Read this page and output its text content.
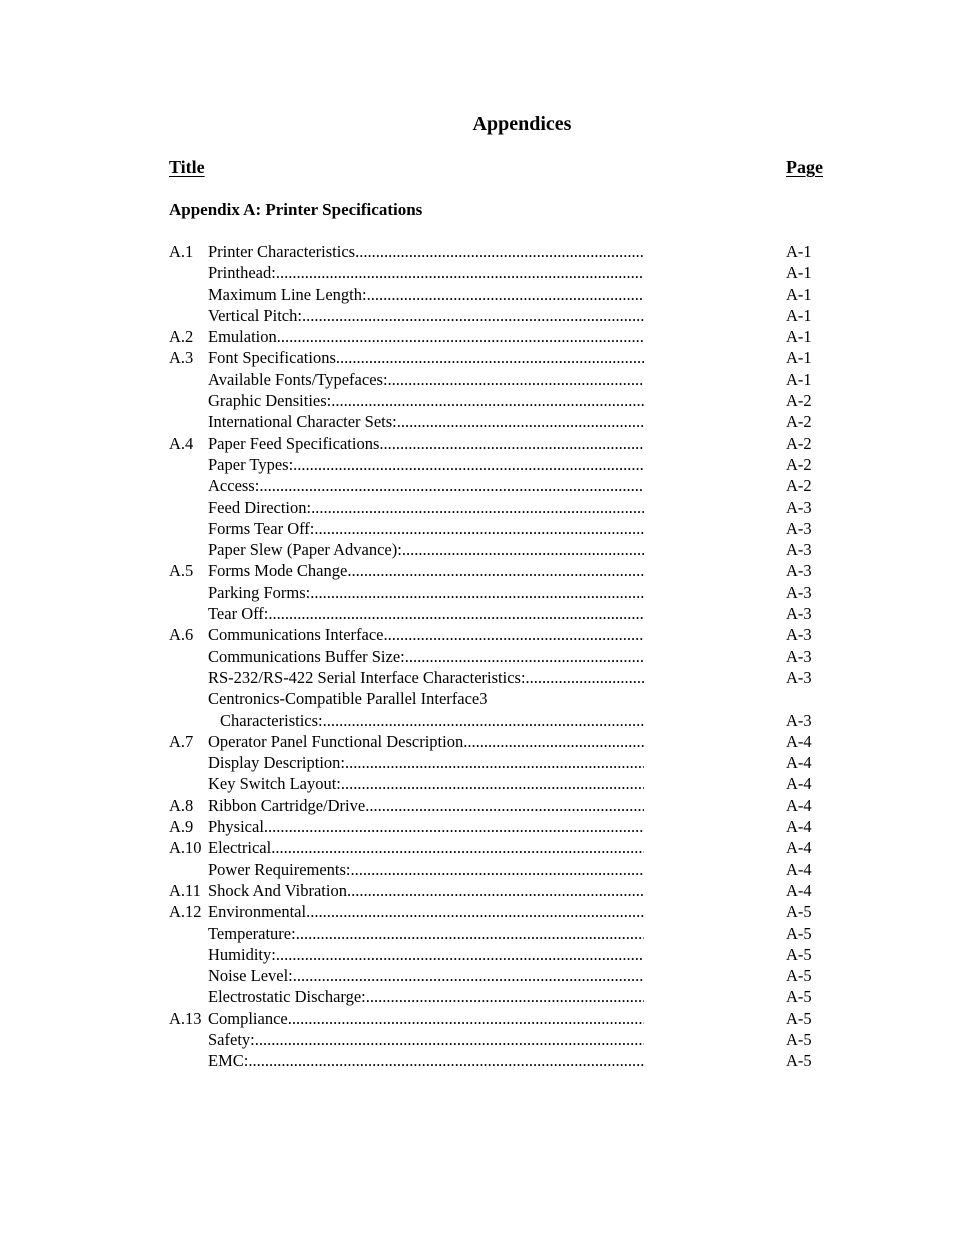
Appendices
Title	Page
Appendix A: Printer Specifications
A.1 Printer Characteristics .....	A-1
Printhead: .....	A-1
Maximum Line Length: .....	A-1
Vertical Pitch: .....	A-1
A.2 Emulation .....	A-1
A.3 Font Specifications .....	A-1
Available Fonts/Typefaces: .....	A-1
Graphic Densities: .....	A-2
International Character Sets: .....	A-2
A.4 Paper Feed Specifications .....	A-2
Paper Types: .....	A-2
Access: .....	A-2
Feed Direction: .....	A-3
Forms Tear Off: .....	A-3
Paper Slew (Paper Advance): .....	A-3
A.5 Forms Mode Change .....	A-3
Parking Forms: .....	A-3
Tear Off: .....	A-3
A.6 Communications Interface .....	A-3
Communications Buffer Size: .....	A-3
RS-232/RS-422 Serial Interface Characteristics: .....	A-3
Centronics-Compatible Parallel Interface3
Characteristics: .....	A-3
A.7 Operator Panel Functional Description .....	A-4
Display Description: .....	A-4
Key Switch Layout: .....	A-4
A.8 Ribbon Cartridge/Drive .....	A-4
A.9 Physical .....	A-4
A.10 Electrical .....	A-4
Power Requirements: .....	A-4
A.11 Shock And Vibration .....	A-4
A.12 Environmental .....	A-5
Temperature: .....	A-5
Humidity: .....	A-5
Noise Level: .....	A-5
Electrostatic Discharge: .....	A-5
A.13 Compliance .....	A-5
Safety: .....	A-5
EMC: .....	A-5
